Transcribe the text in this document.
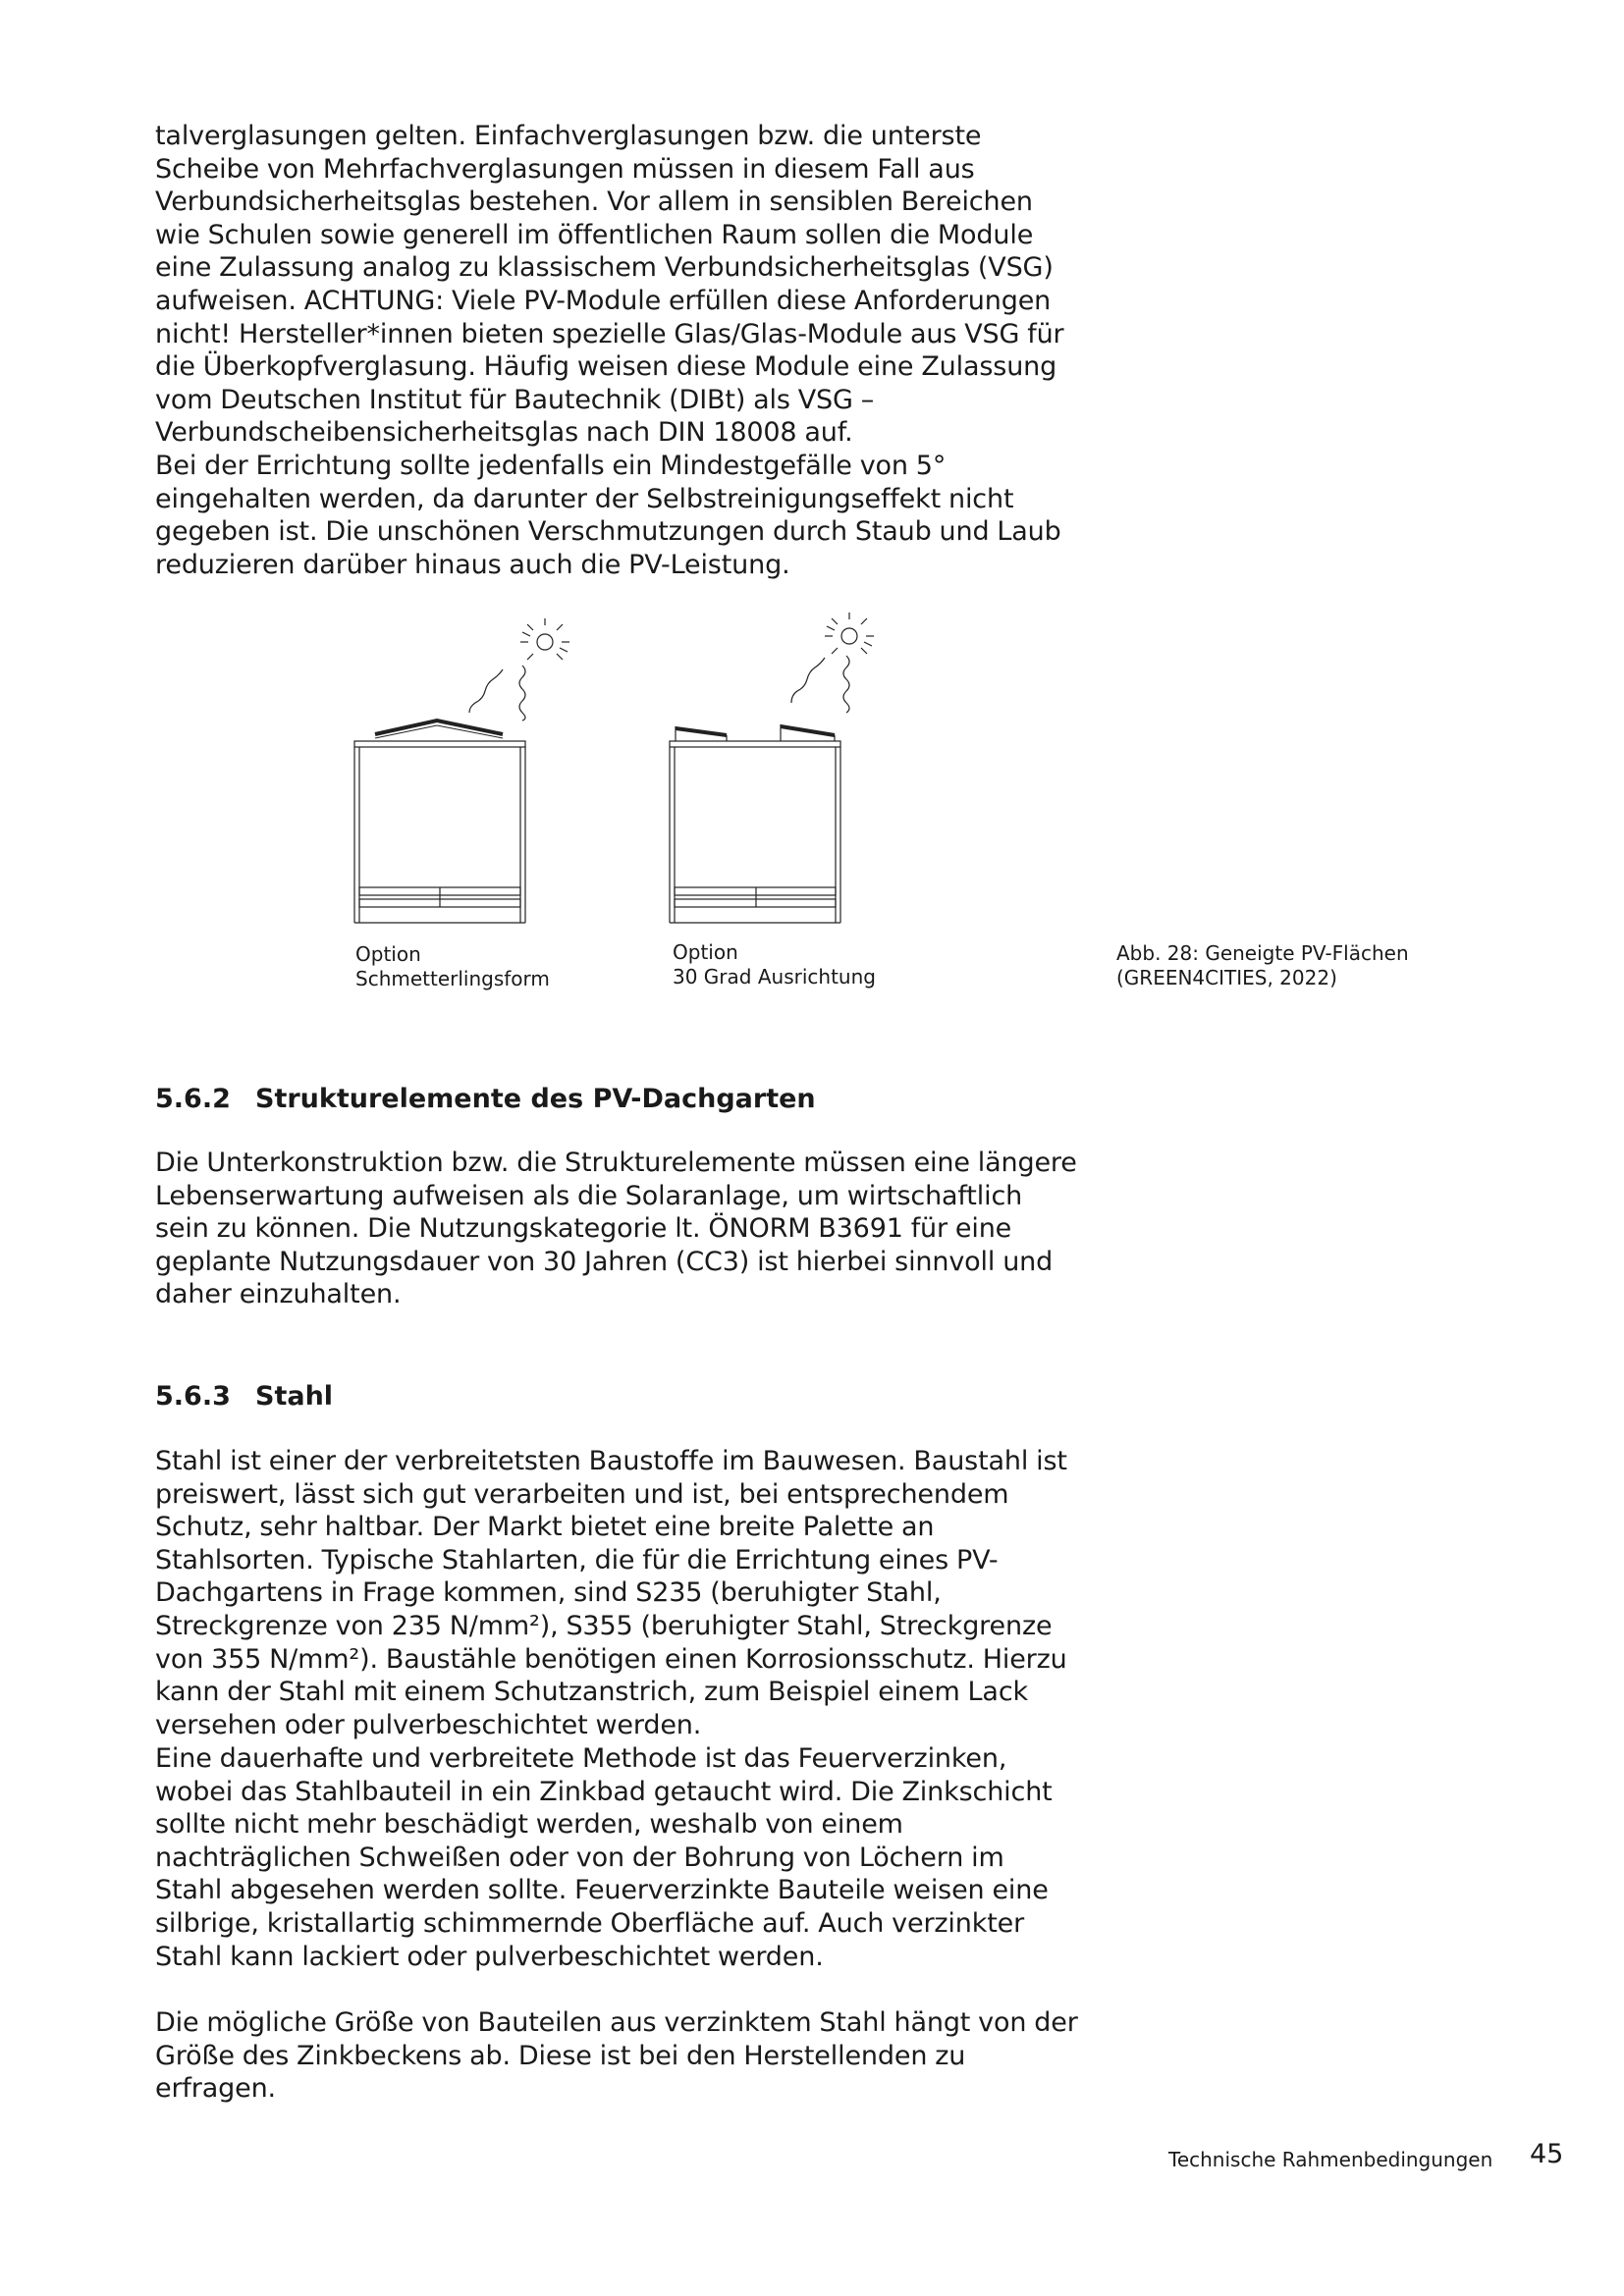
talverglasungen gelten. Einfachverglasungen bzw. die unterste Scheibe von Mehrfachverglasungen müssen in diesem Fall aus Verbundsicherheitsglas bestehen. Vor allem in sensiblen Bereichen wie Schulen sowie generell im öffentlichen Raum sollen die Module eine Zulassung analog zu klassischem Verbundsicherheitsglas (VSG) aufweisen. ACHTUNG: Viele PV-Module erfüllen diese Anforderungen nicht! Hersteller*innen bieten spezielle Glas/Glas-Module aus VSG für die Überkopfverglasung. Häufig weisen diese Module eine Zulassung vom Deutschen Institut für Bautechnik (DIBt) als VSG – Verbundscheibensicherheitsglas nach DIN 18008 auf.

Bei der Errichtung sollte jedenfalls ein Mindestgefälle von 5° eingehalten werden, da darunter der Selbstreinigungseffekt nicht gegeben ist. Die unschönen Verschmutzungen durch Staub und Laub reduzieren darüber hinaus auch die PV-Leistung.

Option
Schmetterlingsform
Option
30 Grad Ausrichtung
Abb. 28: Geneigte PV-Flächen (GREEN4CITIES, 2022)
5.6.2 Strukturelemente des PV-Dachgarten

Die Unterkonstruktion bzw. die Strukturelemente müssen eine längere Lebenserwartung aufweisen als die Solaranlage, um wirtschaftlich sein zu können. Die Nutzungskategorie lt. ÖNORM B3691 für eine geplante Nutzungsdauer von 30 Jahren (CC3) ist hierbei sinnvoll und daher einzuhalten.

5.6.3 Stahl

Stahl ist einer der verbreitetsten Baustoffe im Bauwesen. Baustahl ist preiswert, lässt sich gut verarbeiten und ist, bei entsprechendem Schutz, sehr haltbar. Der Markt bietet eine breite Palette an Stahlsorten. Typische Stahlarten, die für die Errichtung eines PV-Dachgartens in Frage kommen, sind S235 (beruhigter Stahl, Streckgrenze von 235 N/mm²), S355 (beruhigter Stahl, Streckgrenze von 355 N/mm²). Baustähle benötigen einen Korrosionsschutz. Hierzu kann der Stahl mit einem Schutzanstrich, zum Beispiel einem Lack versehen oder pulverbeschichtet werden.

Eine dauerhafte und verbreitete Methode ist das Feuerverzinken, wobei das Stahlbauteil in ein Zinkbad getaucht wird. Die Zinkschicht sollte nicht mehr beschädigt werden, weshalb von einem nachträglichen Schweißen oder von der Bohrung von Löchern im Stahl abgesehen werden sollte. Feuerverzinkte Bauteile weisen eine silbrige, kristallartig schimmernde Oberfläche auf. Auch verzinkter Stahl kann lackiert oder pulverbeschichtet werden.

Die mögliche Größe von Bauteilen aus verzinktem Stahl hängt von der Größe des Zinkbeckens ab. Diese ist bei den Herstellenden zu erfragen.

Technische Rahmenbedingungen 45
